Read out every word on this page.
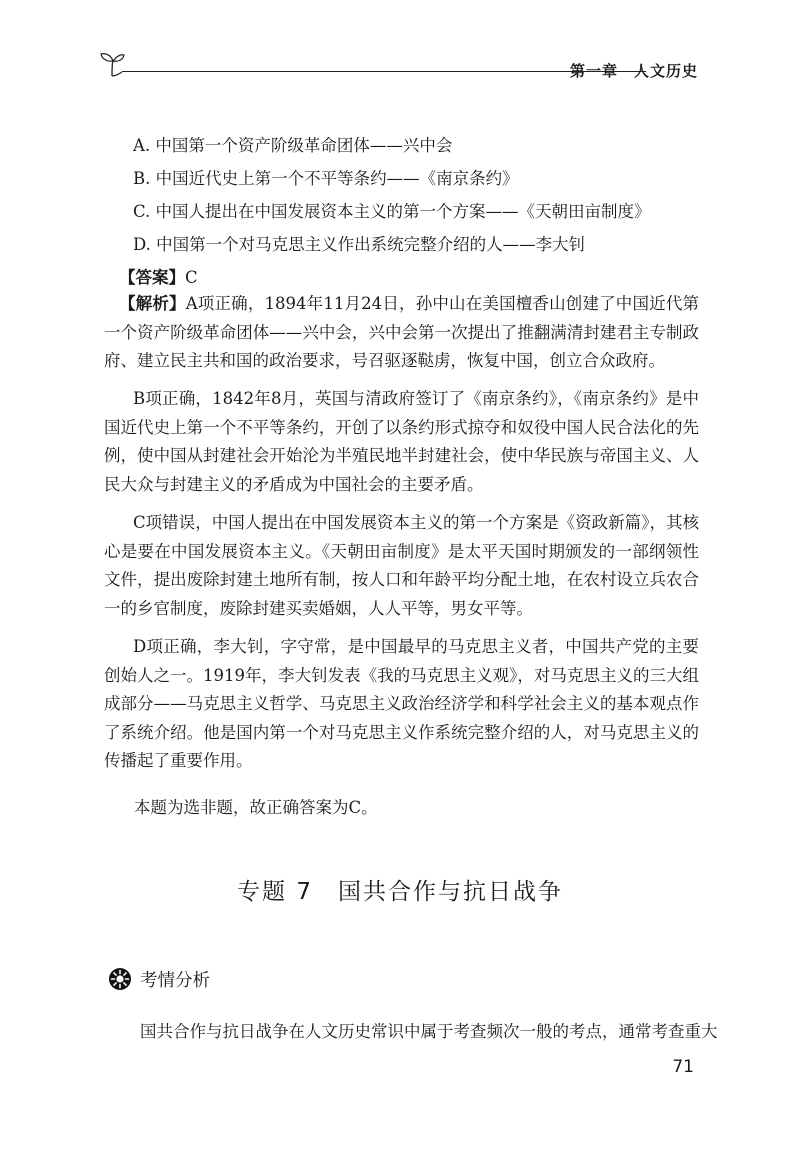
第一章 人文历史
A. 中国第一个资产阶级革命团体——兴中会
B. 中国近代史上第一个不平等条约——《南京条约》
C. 中国人提出在中国发展资本主义的第一个方案——《天朝田亩制度》
D. 中国第一个对马克思主义作出系统完整介绍的人——李大钊
【答案】C
【解析】A项正确，1894年11月24日，孙中山在美国檀香山创建了中国近代第一个资产阶级革命团体——兴中会，兴中会第一次提出了推翻满清封建君主专制政府、建立民主共和国的政治要求，号召驱逐鞑虏，恢复中国，创立合众政府。
B项正确，1842年8月，英国与清政府签订了《南京条约》，《南京条约》是中国近代史上第一个不平等条约，开创了以条约形式掠夺和奴役中国人民合法化的先例，使中国从封建社会开始沦为半殖民地半封建社会，使中华民族与帝国主义、人民大众与封建主义的矛盾成为中国社会的主要矛盾。
C项错误，中国人提出在中国发展资本主义的第一个方案是《资政新篇》，其核心是要在中国发展资本主义。《天朝田亩制度》是太平天国时期颁发的一部纲领性文件，提出废除封建土地所有制，按人口和年龄平均分配土地，在农村设立兵农合一的乡官制度，废除封建买卖婚姻，人人平等，男女平等。
D项正确，李大钊，字守常，是中国最早的马克思主义者，中国共产党的主要创始人之一。1919年，李大钊发表《我的马克思主义观》，对马克思主义的三大组成部分——马克思主义哲学、马克思主义政治经济学和科学社会主义的基本观点作了系统介绍。他是国内第一个对马克思主义作系统完整介绍的人，对马克思主义的传播起了重要作用。
本题为选非题，故正确答案为C。
专题 7　 国共合作与抗日战争
考情分析
国共合作与抗日战争在人文历史常识中属于考查频次一般的考点，通常考查重大
71
